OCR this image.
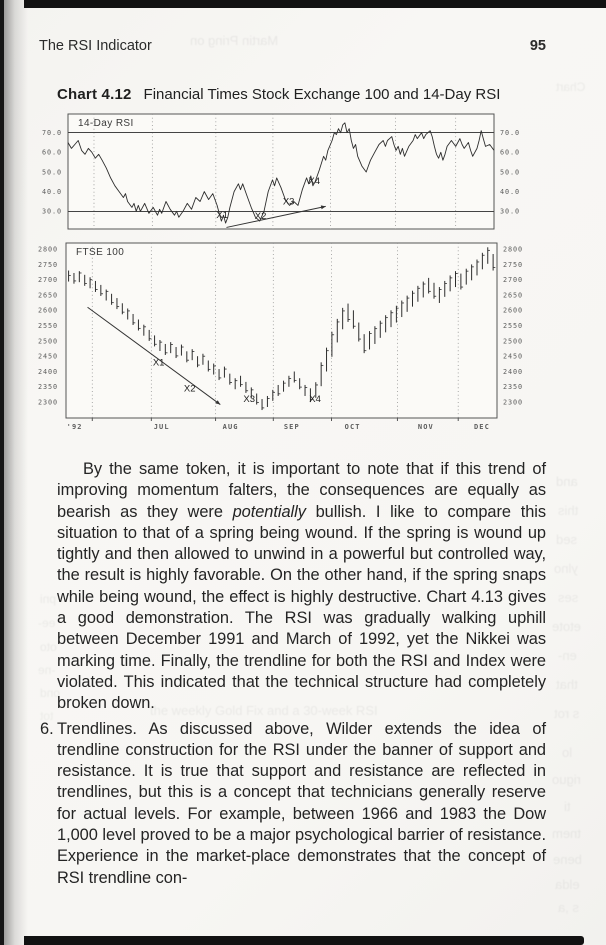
Martin Pring on
Chart
the weekly Gold Fix and a 30-week RSI
pni
ee-
oto
-ne
ond
tot
and
this
sed
ylno
ses
etote
en-
that
s rot
lo
riguo
ti
tnem
bene
elda
s ,a
The RSI Indicator	95
Chart 4.12 Financial Times Stock Exchange 100 and 14-Day RSI
70.0	70.0
60.0	60.0
50.0	50.0
40.0	40.0
30.0	30.0
X1	X2
X3
X4
14-Day RSI
2800	2800
2750	2750
2700	2700
2650	2650
2600	2600
2550	2550
2500	2500
2450	2450
2400	2400
2350	2350
2300	2300
X1
X2
X3	X4
FTSE 100
'92	JUL	AUG	SEP	OCT	NOV	DEC

By the same token, it is important to note that if this trend of improving momentum falters, the consequences are equally as bearish as they were potentially bullish. I like to compare this situation to that of a spring being wound. If the spring is wound up tightly and then allowed to unwind in a powerful but controlled way, the result is highly favorable. On the other hand, if the spring snaps while being wound, the effect is highly destructive. Chart 4.13 gives a good demonstration. The RSI was gradually walking uphill between December 1991 and March of 1992, yet the Nikkei was marking time. Finally, the trendline for both the RSI and Index were violated. This indicated that the technical structure had completely broken down.

6. Trendlines. As discussed above, Wilder extends the idea of trendline construction for the RSI under the banner of support and resistance. It is true that support and resistance are reflected in trendlines, but this is a concept that technicians generally reserve for actual levels. For example, between 1966 and 1983 the Dow 1,000 level proved to be a major psychological barrier of resistance. Experience in the market-place demonstrates that the concept of RSI trendline con-
